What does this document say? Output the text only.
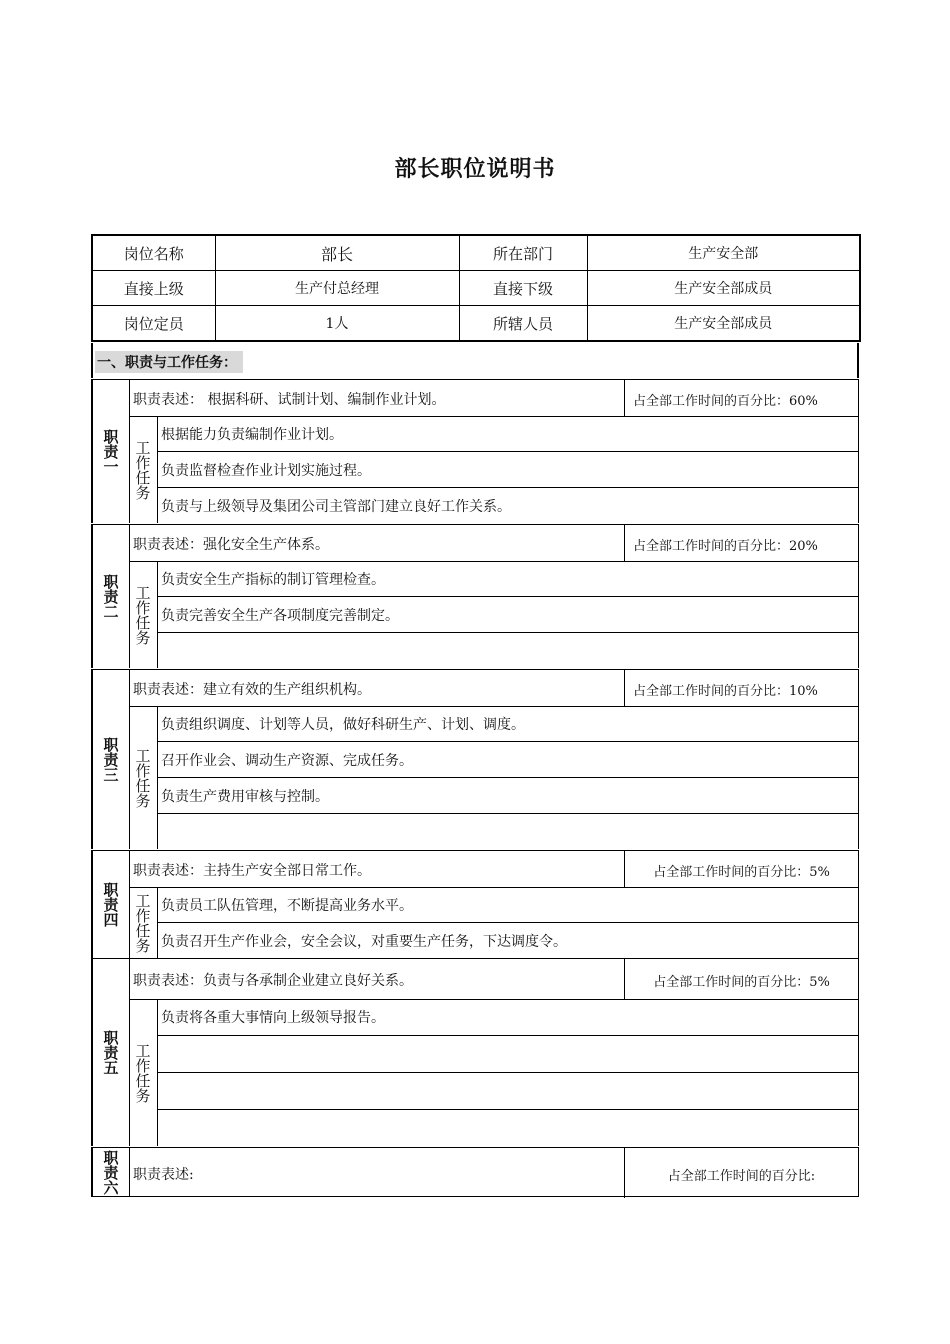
部长职位说明书
岗位名称	部长	所在部门	生产安全部
直接上级	生产付总经理	直接下级	生产安全部成员
岗位定员	1人	所辖人员	生产安全部成员
一、职责与工作任务：
职责一
职责表述： 根据科研、试制计划、编制作业计划。	占全部工作时间的百分比：60%
工作任务
根据能力负责编制作业计划。
负责监督检查作业计划实施过程。
负责与上级领导及集团公司主管部门建立良好工作关系。
职责二
职责表述：强化安全生产体系。	占全部工作时间的百分比：20%
工作任务
负责安全生产指标的制订管理检查。
负责完善安全生产各项制度完善制定。
职责三
职责表述：建立有效的生产组织机构。	占全部工作时间的百分比：10%
工作任务
负责组织调度、计划等人员，做好科研生产、计划、调度。
召开作业会、调动生产资源、完成任务。
负责生产费用审核与控制。
职责四
职责表述：主持生产安全部日常工作。	占全部工作时间的百分比：5%
工作任务 负责员工队伍管理，不断提高业务水平。
负责召开生产作业会，安全会议，对重要生产任务，下达调度令。
职责五
职责表述：负责与各承制企业建立良好关系。	占全部工作时间的百分比：5%
工作任务
负责将各重大事情向上级领导报告。
职责六 职责表述:	占全部工作时间的百分比:
